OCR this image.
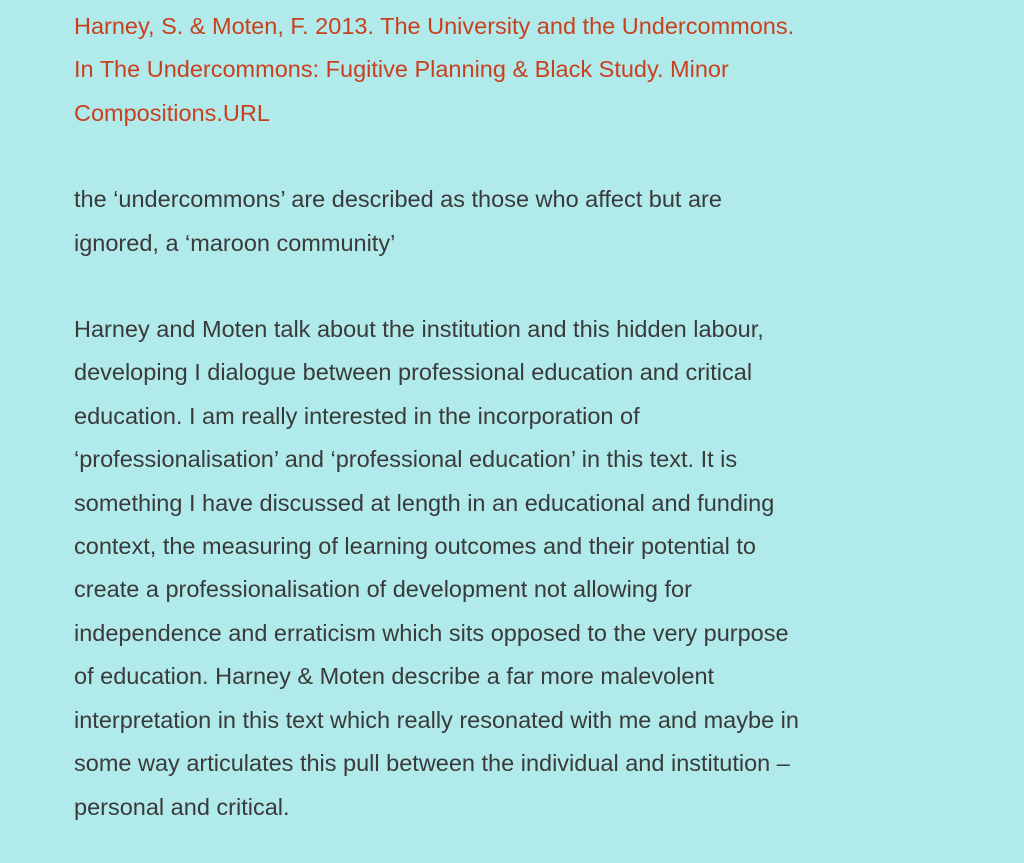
Harney, S. & Moten, F. 2013. The University and the Undercommons.
In The Undercommons: Fugitive Planning & Black Study. Minor
Compositions.URL

the ‘undercommons’ are described as those who affect but are
ignored, a ‘maroon community’

Harney and Moten talk about the institution and this hidden labour,
developing I dialogue between professional education and critical
education. I am really interested in the incorporation of
‘professionalisation’ and ‘professional education’ in this text. It is
something I have discussed at length in an educational and funding
context, the measuring of learning outcomes and their potential to
create a professionalisation of development not allowing for
independence and erraticism which sits opposed to the very purpose
of education. Harney & Moten describe a far more malevolent
interpretation in this text which really resonated with me and maybe in
some way articulates this pull between the individual and institution –
personal and critical.
